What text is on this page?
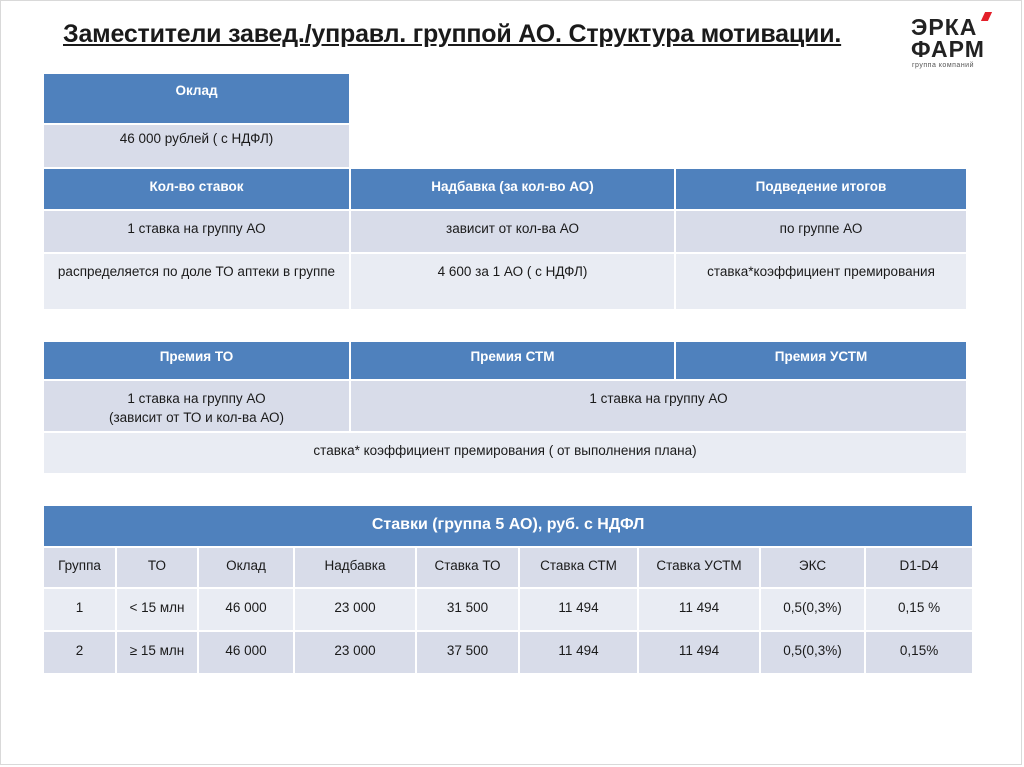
Заместители завед./управл. группой АО. Структура мотивации.	ЭРКА
ФАРМ
группа компаний
Оклад
46 000 рублей ( с НДФЛ)
Кол-во ставок	Надбавка (за кол-во АО)	Подведение итогов
1 ставка на группу АО	зависит от кол-ва АО	по группе АО
распределяется по доле ТО аптеки в группе	4 600 за 1 АО ( с НДФЛ)	ставка*коэффициент премирования
Премия ТО	Премия СТМ	Премия УСТМ

1 ставка на группу АО
(зависит от ТО и кол-ва АО)	1 ставка на группу АО	
ставка* коэффициент премирования ( от выполнения плана)		
Ставки (группа 5 АО), руб. с НДФЛ								
Группа	ТО	Оклад	Надбавка	Ставка ТО	Ставка СТМ	Ставка УСТМ	ЭКС	D1-D4
1	< 15 млн	46 000	23 000	31 500	11 494	11 494	0,5(0,3%)	0,15 %
2	≥ 15 млн	46 000	23 000	37 500	11 494	11 494	0,5(0,3%)	0,15%
